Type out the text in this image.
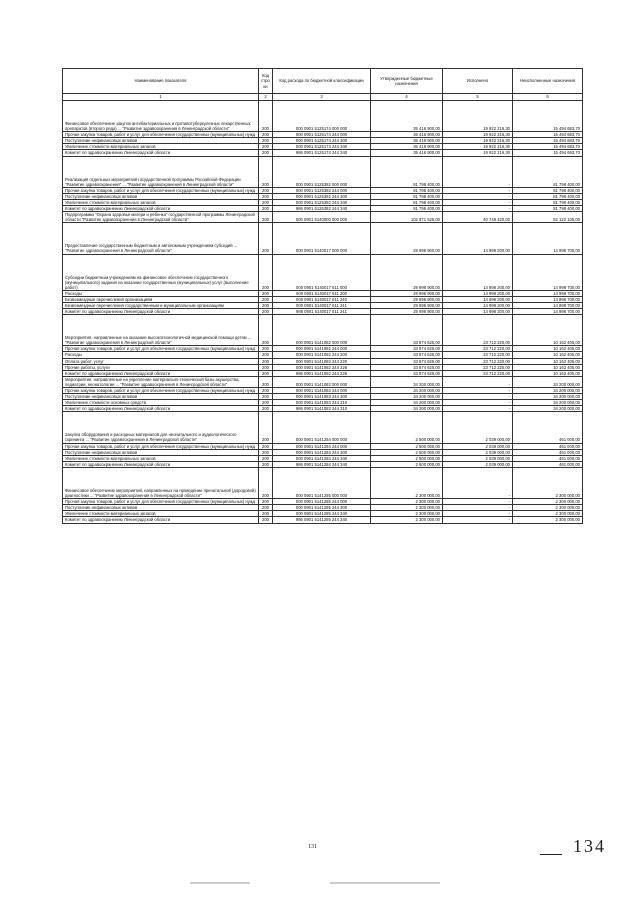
Наименование показателя	Код стро ки	Код расхода по бюджетной классификации	Утвержденные бюджетные назначения	Исполнено	Неисполненные назначения
1	2	3	4	5	6
Финансовое обеспечение закупок антибактериальных и противотуберкулезных лекарственных препаратов (второго ряда) ... "Развитие здравоохранения в Ленинградской области"	200	000 0901 5125174 000 000	35 416 900,00	19 922 216,30	15 494 683,70
Прочая закупка товаров, работ и услуг для обеспечения государственных (муниципальных) нужд	200	000 0901 5125174 244 000	35 416 900,00	19 922 216,30	15 494 683,70
Поступление нефинансовых активов	200	000 0901 5125174 244 300	35 416 900,00	19 922 216,30	15 494 683,70
Увеличение стоимости материальных запасов	200	000 0901 5125174 244 340	35 416 900,00	19 922 216,30	15 494 683,70
Комитет по здравоохранению Ленинградской области	200	986 0901 5125174 244 340	35 416 900,00	19 922 216,30	15 494 683,70
Реализация отдельных мероприятий государственной программы Российской Федерации "Развитие здравоохранения" ... "Развитие здравоохранения в Ленинградской области"	200	000 0901 5125382 000 000	81 798 400,00	-	81 798 400,00
Прочая закупка товаров, работ и услуг для обеспечения государственных (муниципальных) нужд	200	000 0901 5125382 244 000	81 798 400,00	-	81 798 400,00
Поступление нефинансовых активов	200	000 0901 5125382 244 300	81 798 400,00	-	81 798 400,00
Увеличение стоимости материальных запасов	200	000 0901 5125382 244 340	81 798 400,00	-	81 798 400,00
Комитет по здравоохранению Ленинградской области	200	986 0901 5125382 244 340	81 798 400,00	-	81 798 400,00
Подпрограмма "Охрана здоровья матери и ребенка" государственной программы Ленинградской области "Развитие здравоохранения в Ленинградской области"	200	000 0901 5140000 000 000	102 871 525,00	40 749 420,00	62 122 105,00
Предоставление государственным бюджетным и автономным учреждениям субсидий ... "Развитие здравоохранения в Ленинградской области"	200	000 0901 5140017 000 000	29 996 900,00	14 998 200,00	14 998 700,00
Субсидии бюджетным учреждениям на финансовое обеспечение государственного (муниципального) задания на оказание государственных (муниципальных) услуг (выполнение работ)	200	000 0901 5140017 611 000	29 996 900,00	14 998 200,00	14 998 700,00
Расходы	200	000 0901 5140017 611 200	29 996 900,00	14 998 200,00	14 998 700,00
Безвозмездные перечисления организациям	200	000 0901 5140017 611 240	29 996 900,00	14 998 200,00	14 998 700,00
Безвозмездные перечисления государственным и муниципальным организациям	200	000 0901 5140017 611 241	29 996 900,00	14 998 200,00	14 998 700,00
Комитет по здравоохранению Ленинградской области	200	986 0901 5140017 611 241	29 996 900,00	14 998 200,00	14 998 700,00
Мероприятия, направленные на оказание высокотехнологичной медицинской помощи детям ... "Развитие здравоохранения в Ленинградской области"	200	000 0901 5141082 000 000	33 874 625,00	23 712 220,00	10 162 405,00
Прочая закупка товаров, работ и услуг для обеспечения государственных (муниципальных) нужд	200	000 0901 5141082 244 000	33 874 625,00	23 712 220,00	10 162 405,00
Расходы	200	000 0901 5141082 244 200	33 874 625,00	23 712 220,00	10 162 405,00
Оплата работ, услуг	200	000 0901 5141082 244 220	33 874 625,00	23 712 220,00	10 162 405,00
Прочие работы, услуги	200	000 0901 5141082 244 226	33 874 625,00	23 712 220,00	10 162 405,00
Комитет по здравоохранению Ленинградской области	200	986 0901 5141082 244 226	33 874 625,00	23 712 220,00	10 162 405,00
Мероприятия, направленные на укрепление материально-технической базы акушерства, педиатрии, неонатологии ... "Развитие здравоохранения в Ленинградской области"	200	000 0901 5141083 000 000	34 200 000,00	-	34 200 000,00
Прочая закупка товаров, работ и услуг для обеспечения государственных (муниципальных) нужд	200	000 0901 5141083 244 000	34 200 000,00	-	34 200 000,00
Поступление нефинансовых активов	200	000 0901 5141083 244 300	34 200 000,00	-	34 200 000,00
Увеличение стоимости основных средств	200	000 0901 5141083 244 310	34 200 000,00	-	34 200 000,00
Комитет по здравоохранению Ленинградской области	200	986 0901 5141083 244 310	34 200 000,00	-	34 200 000,00
Закупка оборудования и расходных материалов для неонатального и аудиологического скрининга ... "Развитие здравоохранения в Ленинградской области"	200	000 0901 5141284 000 000	2 500 000,00	2 039 000,00	461 000,00
Прочая закупка товаров, работ и услуг для обеспечения государственных (муниципальных) нужд	200	000 0901 5141284 244 000	2 500 000,00	2 039 000,00	461 000,00
Поступление нефинансовых активов	200	000 0901 5141284 244 300	2 500 000,00	2 039 000,00	461 000,00
Увеличение стоимости материальных запасов	200	000 0901 5141284 244 340	2 500 000,00	2 039 000,00	461 000,00
Комитет по здравоохранению Ленинградской области	200	986 0901 5141284 244 340	2 500 000,00	2 039 000,00	461 000,00
Финансовое обеспечение мероприятий, направленных на проведение пренатальной (дородовой) диагностики ... "Развитие здравоохранения в Ленинградской области"	200	000 0901 5141285 000 000	2 300 000,00	-	2 300 000,00
Прочая закупка товаров, работ и услуг для обеспечения государственных (муниципальных) нужд	200	000 0901 5141285 244 000	2 300 000,00	-	2 300 000,00
Поступление нефинансовых активов	200	000 0901 5141285 244 300	2 300 000,00	-	2 300 000,00
Увеличение стоимости материальных запасов	200	000 0901 5141285 244 340	2 300 000,00	-	2 300 000,00
Комитет по здравоохранению Ленинградской области	200	986 0901 5141285 244 340	2 300 000,00	-	2 300 000,00
131	134
